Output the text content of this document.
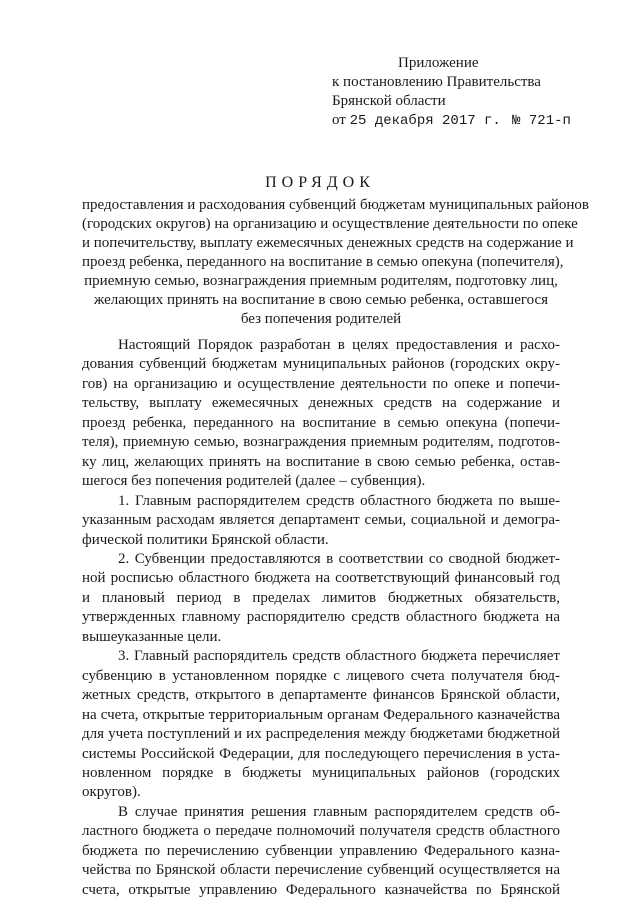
Приложение
к постановлению Правительства
Брянской области
от 25 декабря 2017 г. № 721-п
ПОРЯДОК
предоставления и расходования субвенций бюджетам муниципальных районов
(городских округов) на организацию и осуществление деятельности по опеке
и попечительству, выплату ежемесячных денежных средств на содержание и
проезд ребенка, переданного на воспитание в семью опекуна (попечителя),
приемную семью, вознаграждения приемным родителям, подготовку лиц,
желающих принять на воспитание в свою семью ребенка, оставшегося
без попечения родителей
Настоящий Порядок разработан в целях предоставления и расхо-
дования субвенций бюджетам муниципальных районов (городских окру-
гов) на организацию и осуществление деятельности по опеке и попечи-
тельству, выплату ежемесячных денежных средств на содержание и
проезд ребенка, переданного на воспитание в семью опекуна (попечи-
теля), приемную семью, вознаграждения приемным родителям, подготов-
ку лиц, желающих принять на воспитание в свою семью ребенка, остав-
шегося без попечения родителей (далее – субвенция).
1. Главным распорядителем средств областного бюджета по выше-
указанным расходам является департамент семьи, социальной и демогра-
фической политики Брянской области.
2. Субвенции предоставляются в соответствии со сводной бюджет-
ной росписью областного бюджета на соответствующий финансовый год
и плановый период в пределах лимитов бюджетных обязательств,
утвержденных главному распорядителю средств областного бюджета на
вышеуказанные цели.
3. Главный распорядитель средств областного бюджета перечисляет
субвенцию в установленном порядке с лицевого счета получателя бюд-
жетных средств, открытого в департаменте финансов Брянской области,
на счета, открытые территориальным органам Федерального казначейства
для учета поступлений и их распределения между бюджетами бюджетной
системы Российской Федерации, для последующего перечисления в уста-
новленном порядке в бюджеты муниципальных районов (городских
округов).
В случае принятия решения главным распорядителем средств об-
ластного бюджета о передаче полномочий получателя средств областного
бюджета по перечислению субвенции управлению Федерального казна-
чейства по Брянской области перечисление субвенций осуществляется на
счета, открытые управлению Федерального казначейства по Брянской
